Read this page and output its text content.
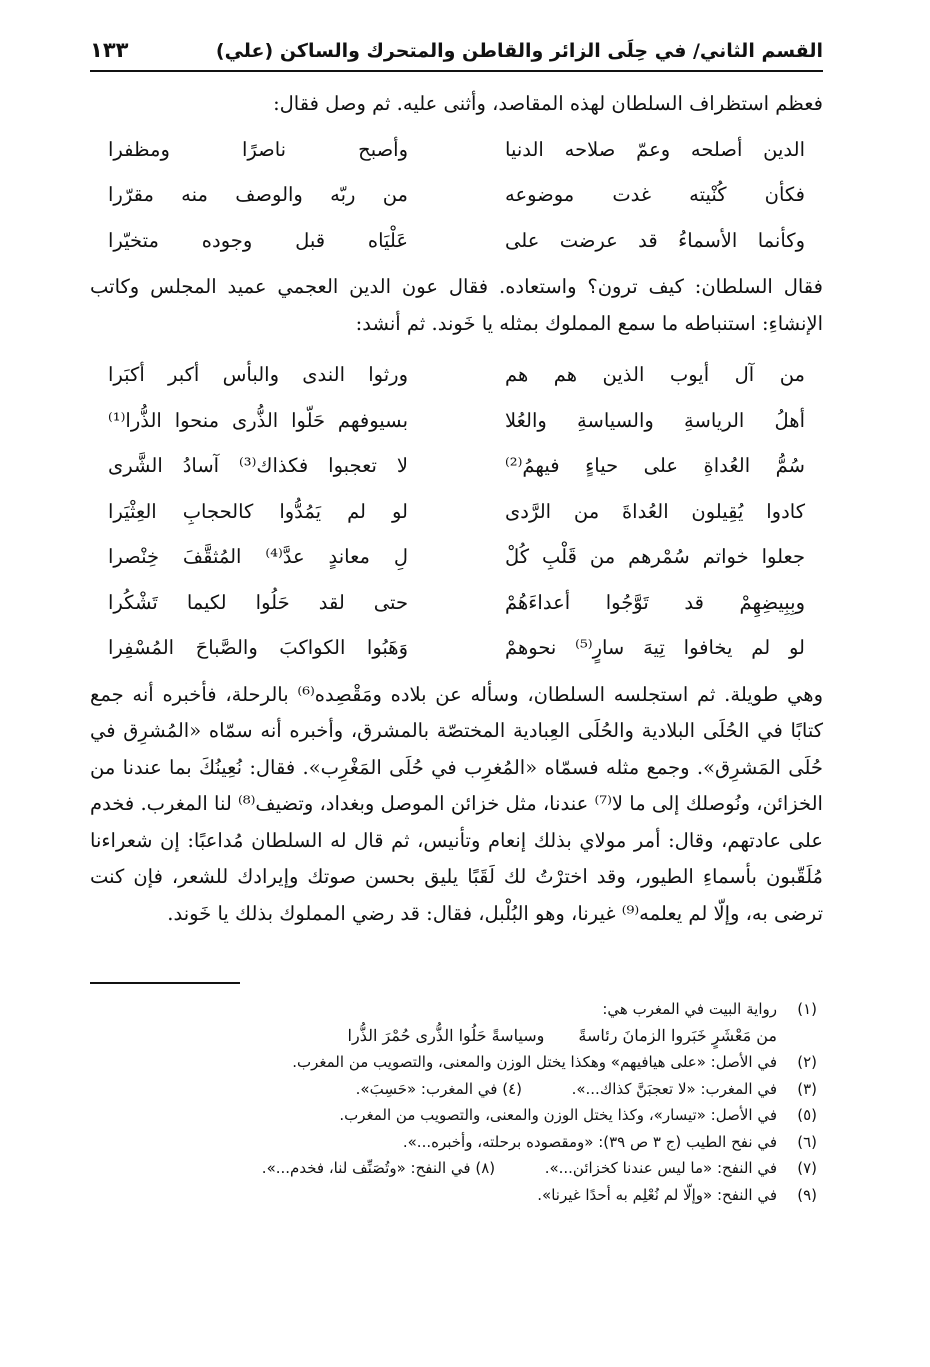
القسم الثاني/ في حِلَى الزائر والقاطن والمتحرك والساكن (علي)
١٣٣

فعظم استظراف السلطان لهذه المقاصد، وأثنى عليه. ثم وصل فقال:

الدين أصلحه وعمّ صلاحه الدنيا
وأصبح ناصرًا ومظفرا
فكأن كُنْيته غدت موضوعه
من ربّه والوصف منه مقرّرا
وكأنما الأسماءُ قد عرضت على
عَلْيَاه قبل وجوده متخيّرا

فقال السلطان: كيف ترون؟ واستعاده. فقال عون الدين العجمي عميد المجلس وكاتب الإنشاءِ: استنباطه ما سمع المملوك بمثله يا خَوند. ثم أنشد:

من آل أيوب الذين هم هم
ورثوا الندى والبأس أكبر أكبَرا
أهلُ الرياسةِ والسياسةِ والعُلا
بسيوفهم حَلّوا الذُّرى منحوا الذُّرا⁽¹⁾
سُمُّ العُداةِ على حياءٍ فيهمُ⁽²⁾
لا تعجبوا فكذاك⁽³⁾ آسادُ الشَّرى
كادوا يُقِيلون العُداةَ من الرَّدى
لو لم يَمُدُّوا كالحجابِ العِثْيَرا
جعلوا خواتم سُمْرهم من قَلْبِ كُلْ
لِ معاندٍ عدَّ⁽⁴⁾ المُثقَّفَ خِنْصرا
وبِبِيضِهِمْ قد تَوَّجُوا أعداءَهُمْ
حتى لقد حَلُوا لكيما تَشْكُرا
لو لم يخافوا تِيهَ سارٍ⁽⁵⁾ نحوهمْ
وَهَبُوا الكواكبَ والصَّباحَ المُسْفِرا

وهي طويلة. ثم استجلسه السلطان، وسأله عن بلاده ومَقْصِده⁽⁶⁾ بالرحلة، فأخبره أنه جمع كتابًا في الحُلَى البلادية والحُلَى العِبادية المختصّة بالمشرق، وأخبره أنه سمّاه «المُشرِق في حُلَى المَشرِق». وجمع مثله فسمّاه «المُغرِب في حُلَى المَغْرِب». فقال: نُعِينُكَ بما عندنا من الخزائن، ونُوصلك إلى ما لا⁽⁷⁾ عندنا، مثل خزائن الموصل وبغداد، وتضيف⁽⁸⁾ لنا المغرب. فخدم على عادتهم، وقال: أمر مولاي بذلك إنعام وتأنيس، ثم قال له السلطان مُداعبًا: إن شعراءنا مُلَقّبون بأسماءِ الطيور، وقد اخترْتُ لك لَقَبًا يليق بحسن صوتك وإيرادك للشعر، فإن كنت ترضى به، وإلّا لم يعلمه⁽⁹⁾ غيرنا، وهو البُلْبل، فقال: قد رضي المملوك بذلك يا خَوند.

(١)
رواية البيت في المغرب هي:
من مَعْشَرٍ خَبَروا الزمانَ رئاسةً
وسياسةً حَلُوا الذُّرى حُمْرَ الذُّرا
(٢)
في الأصل: «على هيافيهم» وهكذا يختل الوزن والمعنى، والتصويب من المغرب.
(٣)
في المغرب: «لا تعجبَنَّ كذاك...».  (٤) في المغرب: «حَسِبَ».
(٥)
في الأصل: «تيسار»، وكذا يختل الوزن والمعنى، والتصويب من المغرب.
(٦)
في نفح الطيب (ج ٣ ص ٣٩): «ومقصوده برحلته، وأخبره...».
(٧)
في النفح: «ما ليس عندنا كخزائن...».  (٨) في النفح: «وتُصَنِّف لنا، فخدم...».
(٩)
في النفح: «وإلّا لم نُعْلِم به أحدًا غيرنا».
